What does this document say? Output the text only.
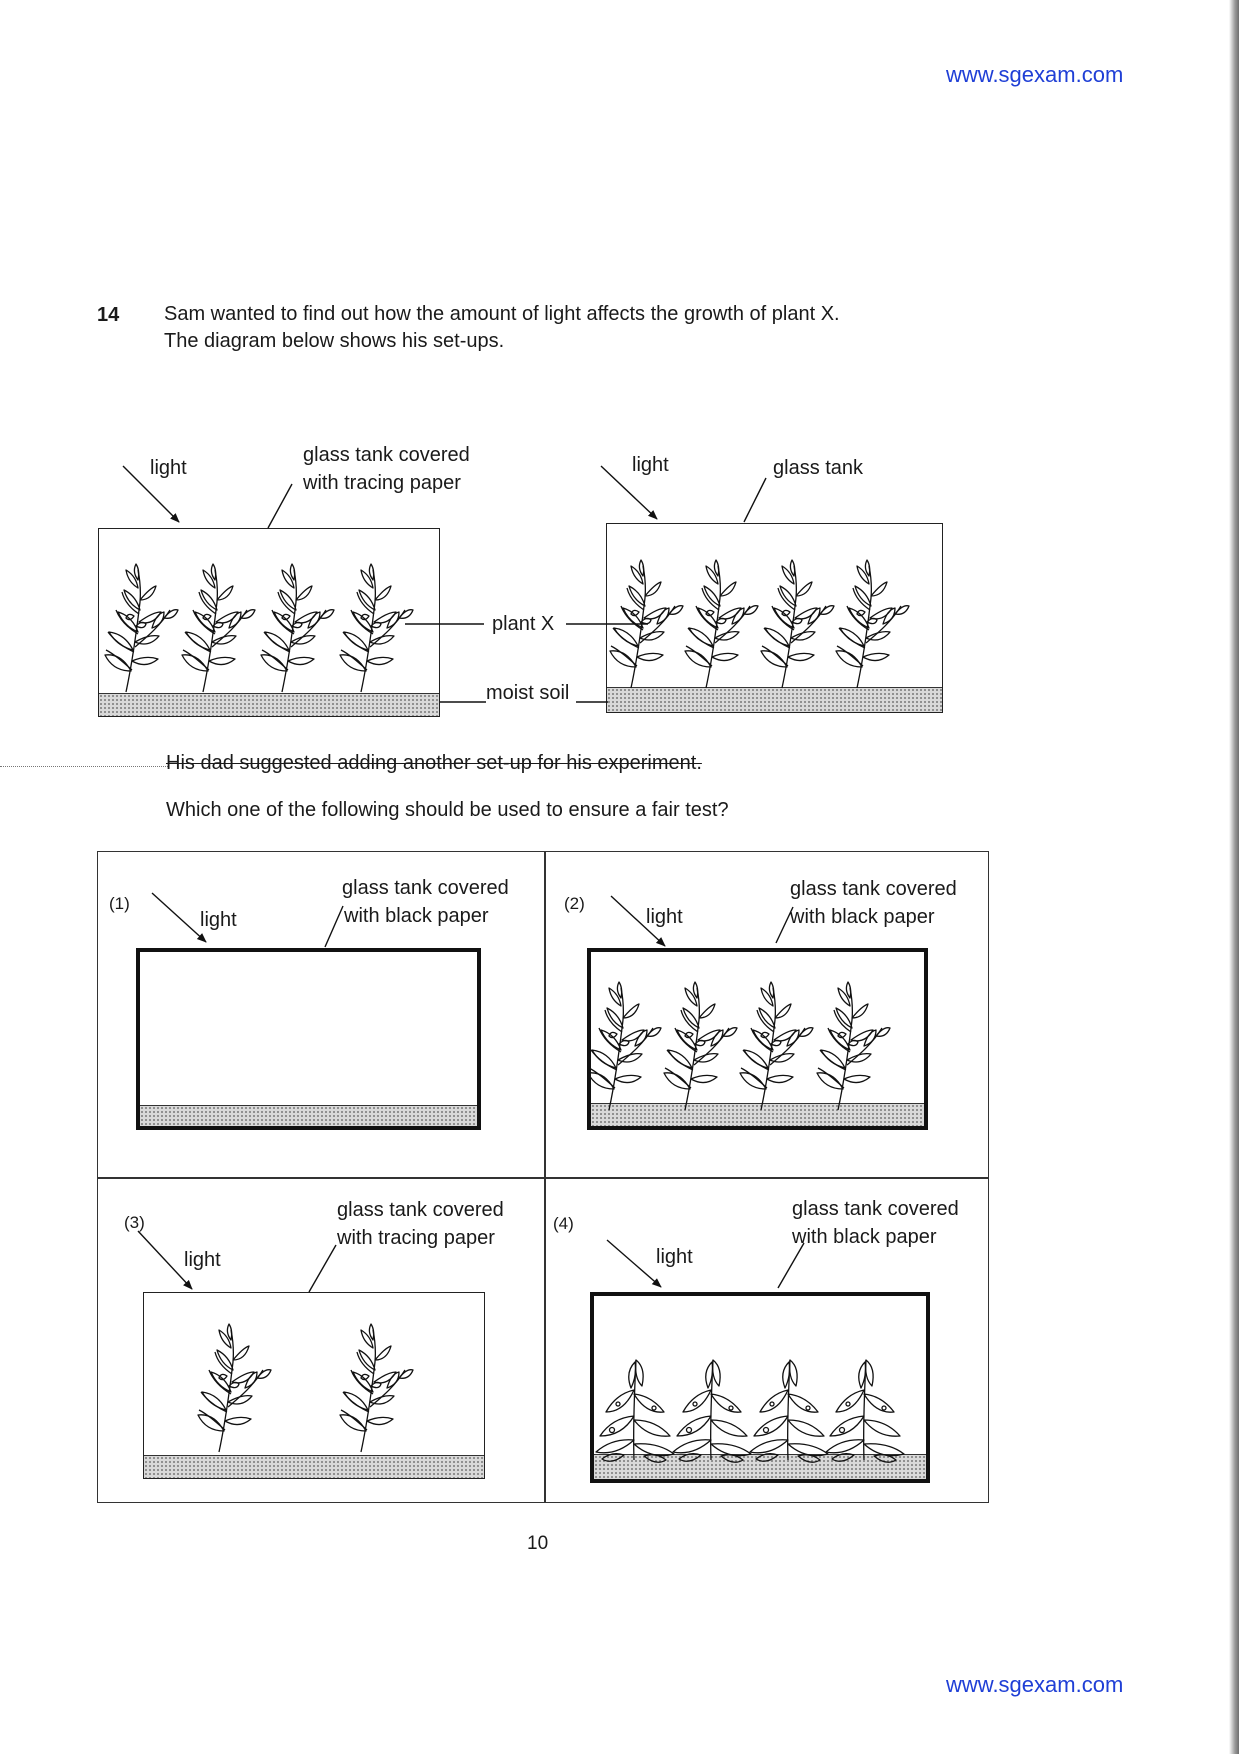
www.sgexam.com
14 Sam wanted to find out how the amount of light affects the growth of plant X.
The diagram below shows his set-ups.
light
glass tank covered
with tracing paper
light	glass tank
plant X
moist soil
His dad suggested adding another set-up for his experiment.
Which one of the following should be used to ensure a fair test?
(1)
light
glass tank covered
with black paper
(2)
light
glass tank covered
with black paper
(3)
light
glass tank covered
with tracing paper
(4)
light
glass tank covered
with black paper
10
www.sgexam.com
